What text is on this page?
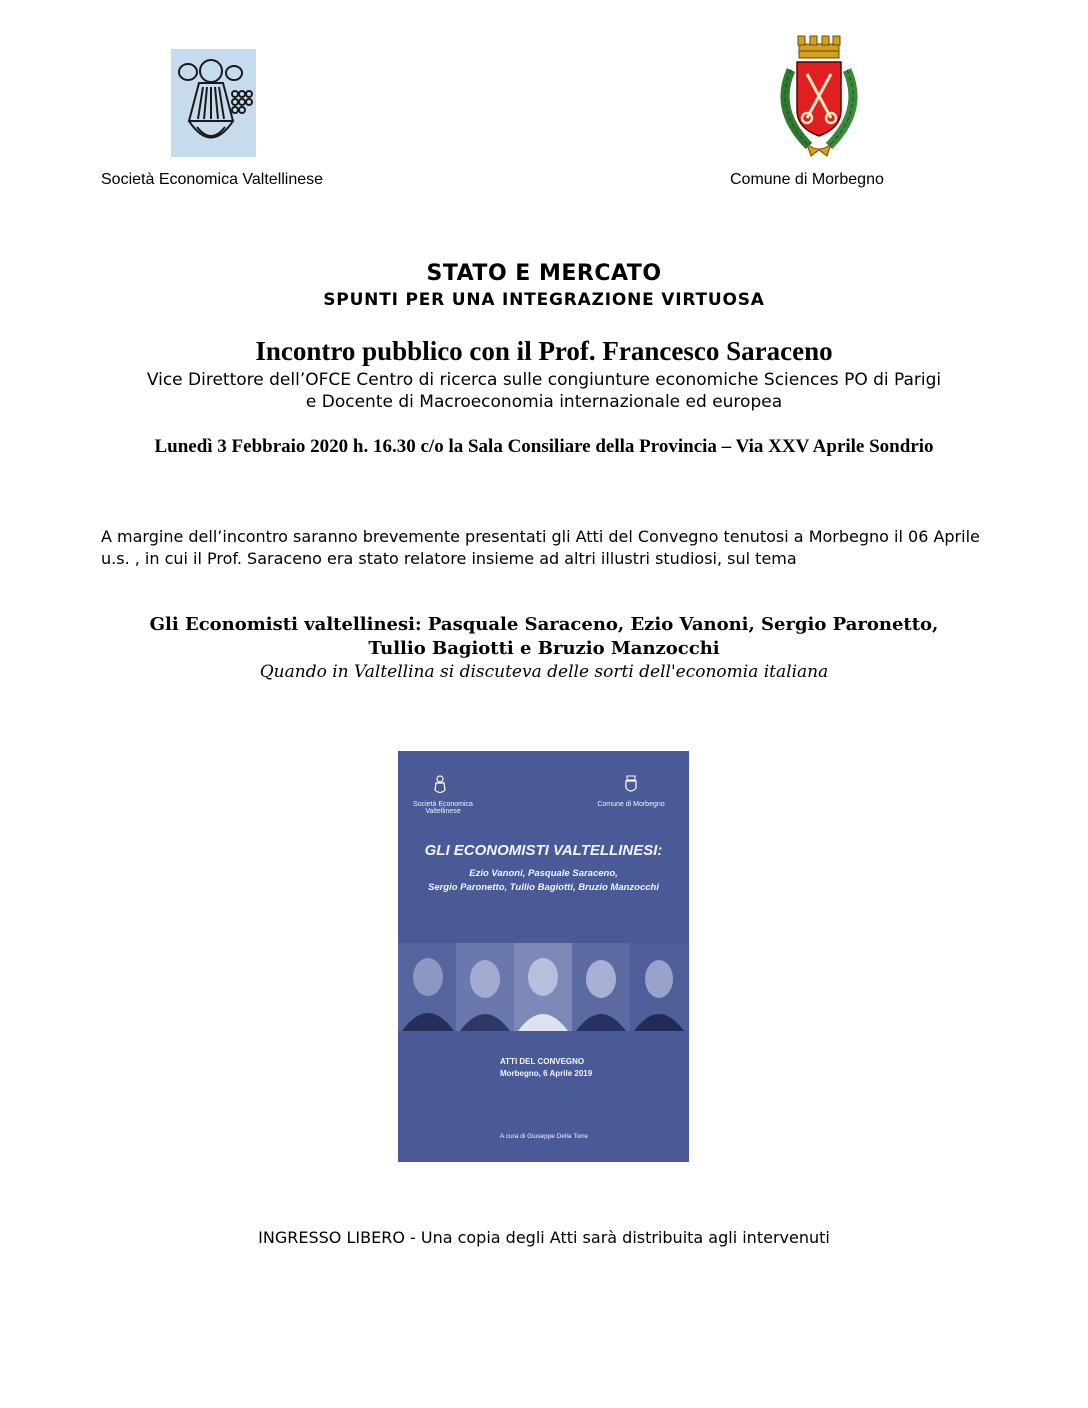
Società Economica Valtellinese	Comune di Morbegno
STATO E MERCATO
SPUNTI PER UNA INTEGRAZIONE VIRTUOSA
Incontro pubblico con il Prof. Francesco Saraceno
Vice Direttore dell’OFCE Centro di ricerca sulle congiunture economiche Sciences PO di Parigi
e Docente di Macroeconomia internazionale ed europea
Lunedì 3 Febbraio 2020 h. 16.30 c/o la Sala Consiliare della Provincia – Via XXV Aprile Sondrio
A margine dell’incontro saranno brevemente presentati gli Atti del Convegno tenutosi a Morbegno il 06 Aprile u.s. , in cui il Prof. Saraceno era stato relatore insieme ad altri illustri studiosi, sul tema
Gli Economisti valtellinesi: Pasquale Saraceno, Ezio Vanoni, Sergio Paronetto,
Tullio Bagiotti e Bruzio Manzocchi
Quando in Valtellina si discuteva delle sorti dell'economia italiana
Società Economica Valtellinese
Comune di Morbegno
GLI ECONOMISTI VALTELLINESI:
Ezio Vanoni, Pasquale Saraceno,
Sergio Paronetto, Tullio Bagiotti, Bruzio Manzocchi
ATTI DEL CONVEGNO
Morbegno, 6 Aprile 2019
A cura di Giuseppe Della Torre
INGRESSO LIBERO - Una copia degli Atti sarà distribuita agli intervenuti
